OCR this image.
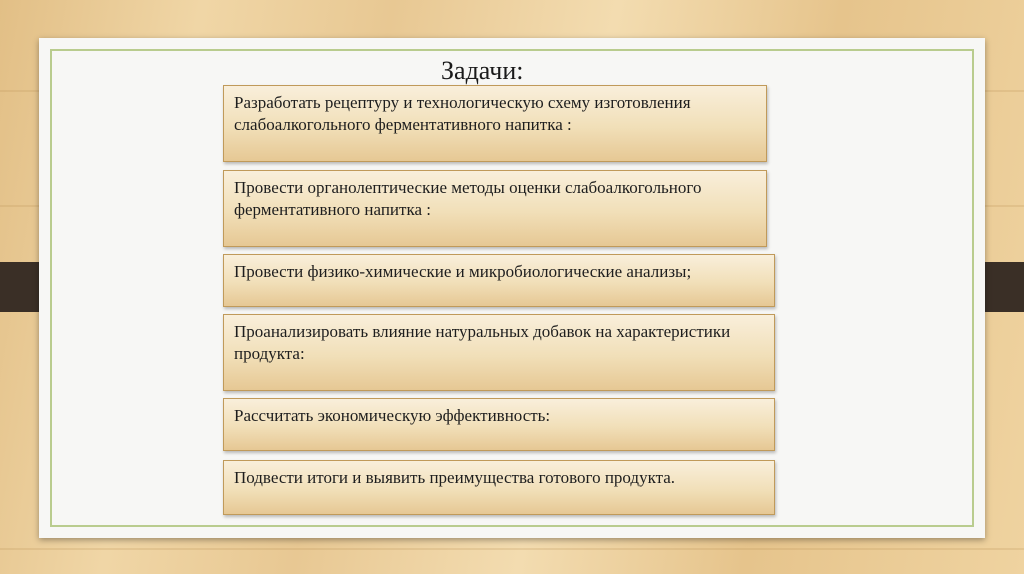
Задачи:
Разработать рецептуру и технологическую схему изготовления слабоалкогольного ферментативного напитка :
Провести органолептические методы оценки слабоалкогольного ферментативного напитка :
Провести физико-химические и микробиологические анализы;
Проанализировать влияние натуральных добавок на характеристики продукта:
Рассчитать экономическую эффективность:
Подвести итоги и выявить преимущества готового продукта.
